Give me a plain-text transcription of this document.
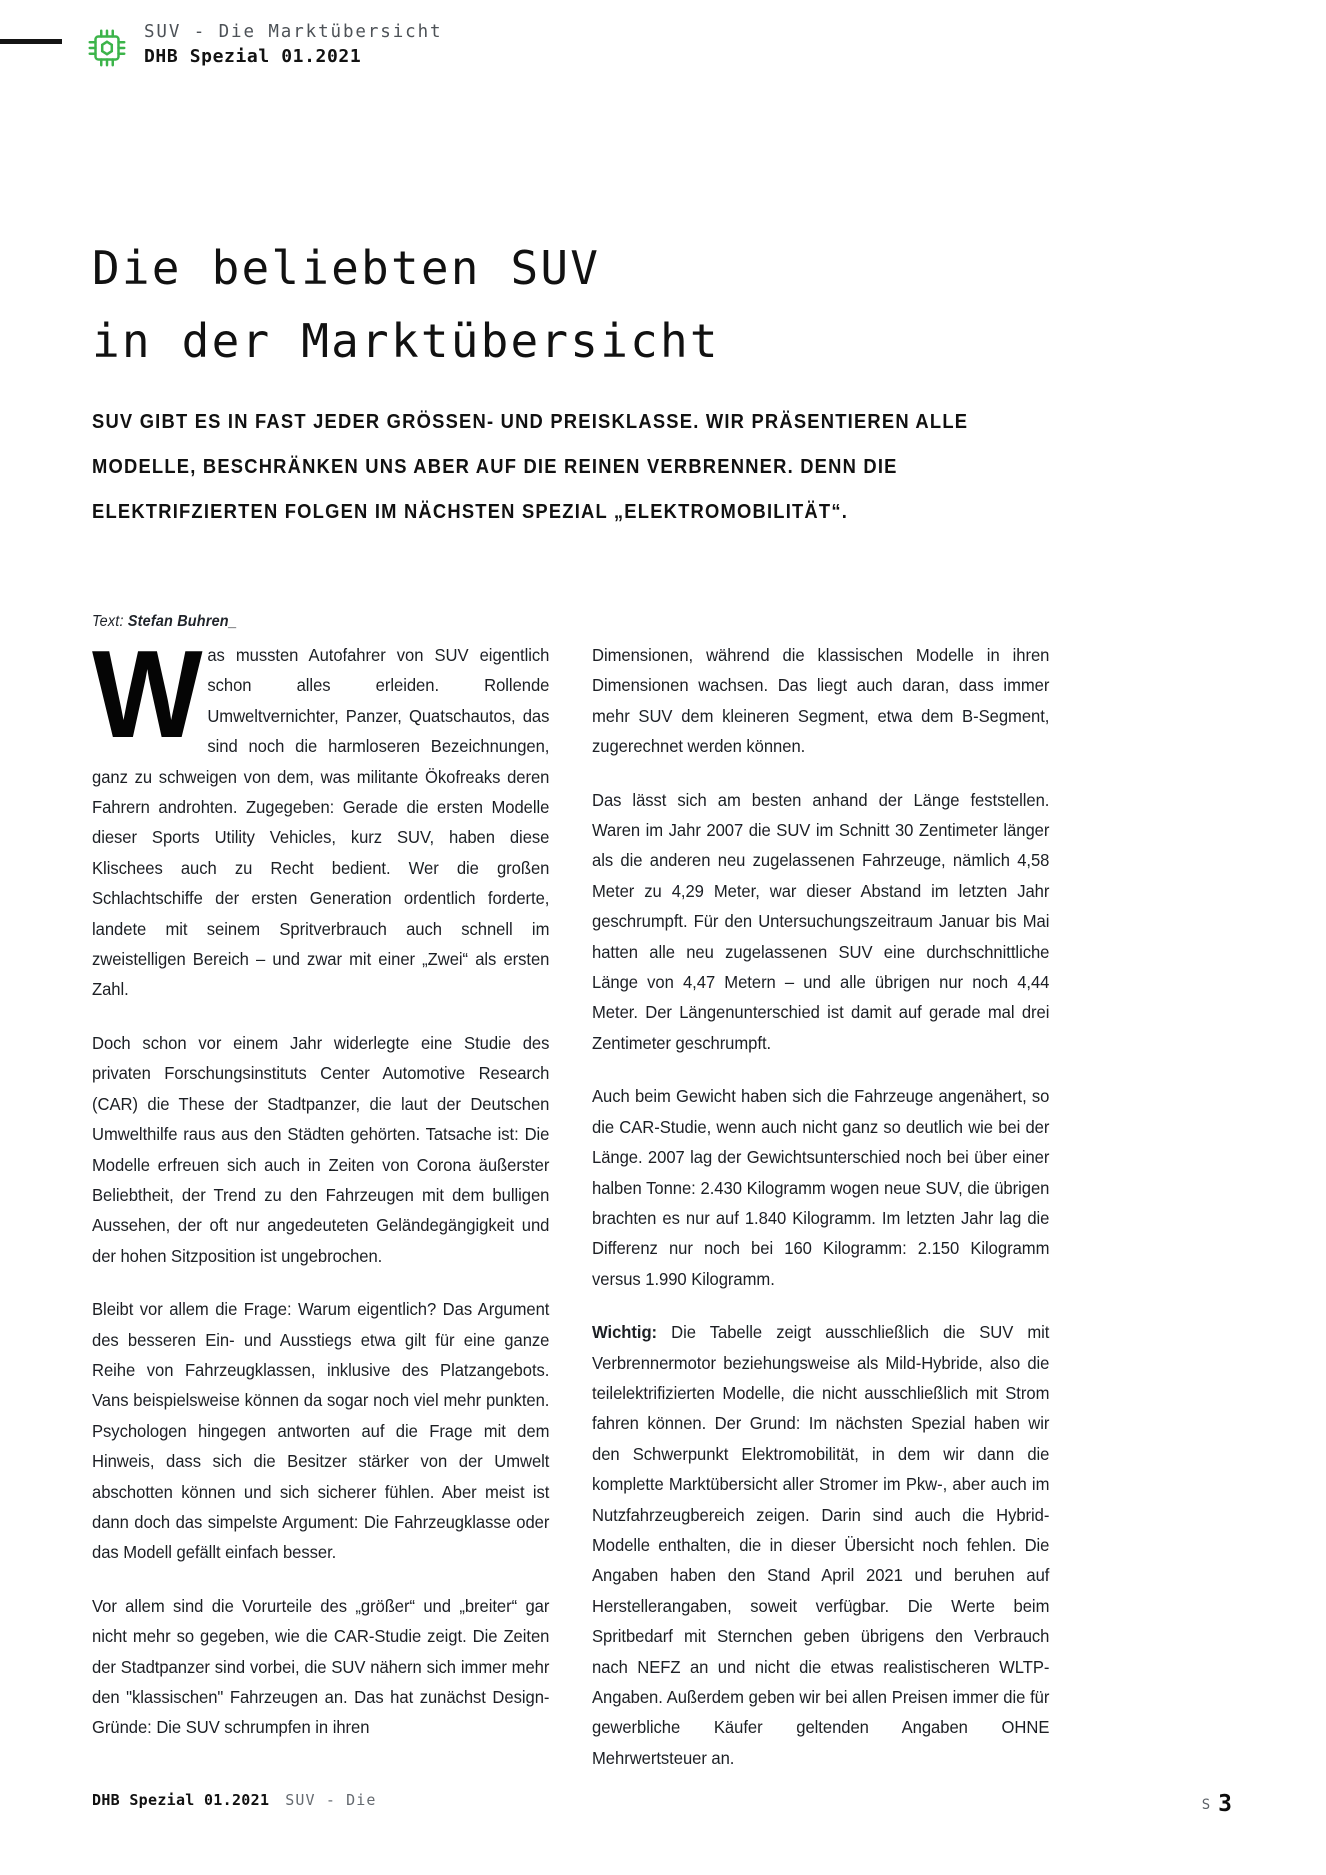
SUV - Die Marktübersicht
DHB Spezial 01.2021
Die beliebten SUV
in der Marktübersicht
SUV GIBT ES IN FAST JEDER GRÖSSEN- UND PREISKLASSE. WIR PRÄSENTIEREN ALLE
MODELLE, BESCHRÄNKEN UNS ABER AUF DIE REINEN VERBRENNER. DENN DIE
ELEKTRIFZIERTEN FOLGEN IM NÄCHSTEN SPEZIAL „ELEKTROMOBILITÄT“.
Text: Stefan Buhren_

Was mussten Autofahrer von SUV eigentlich schon alles erleiden. Rollende Umweltvernichter, Panzer, Quatschautos, das sind noch die harmloseren Bezeichnungen, ganz zu schweigen von dem, was militante Ökofreaks deren Fahrern androhten. Zugegeben: Gerade die ersten Modelle dieser Sports Utility Vehicles, kurz SUV, haben diese Klischees auch zu Recht bedient. Wer die großen Schlachtschiffe der ersten Generation ordentlich forderte, landete mit seinem Spritverbrauch auch schnell im zweistelligen Bereich – und zwar mit einer „Zwei“ als ersten Zahl.

Doch schon vor einem Jahr widerlegte eine Studie des privaten Forschungsinstituts Center Automotive Research (CAR) die These der Stadtpanzer, die laut der Deutschen Umwelthilfe raus aus den Städten gehörten. Tatsache ist: Die Modelle erfreuen sich auch in Zeiten von Corona äußerster Beliebtheit, der Trend zu den Fahrzeugen mit dem bulligen Aussehen, der oft nur angedeuteten Geländegängigkeit und der hohen Sitzposition ist ungebrochen.

Bleibt vor allem die Frage: Warum eigentlich? Das Argument des besseren Ein- und Ausstiegs etwa gilt für eine ganze Reihe von Fahrzeugklassen, inklusive des Platzangebots. Vans beispielsweise können da sogar noch viel mehr punkten. Psychologen hingegen antworten auf die Frage mit dem Hinweis, dass sich die Besitzer stärker von der Umwelt abschotten können und sich sicherer fühlen. Aber meist ist dann doch das simpelste Argument: Die Fahrzeugklasse oder das Modell gefällt einfach besser.

Vor allem sind die Vorurteile des „größer“ und „breiter“ gar nicht mehr so gegeben, wie die CAR-Studie zeigt. Die Zeiten der Stadtpanzer sind vorbei, die SUV nähern sich immer mehr den "klassischen" Fahrzeugen an. Das hat zunächst Design-Gründe: Die SUV schrumpfen in ihren

Dimensionen, während die klassischen Modelle in ihren Dimensionen wachsen. Das liegt auch daran, dass immer mehr SUV dem kleineren Segment, etwa dem B-Segment, zugerechnet werden können.

Das lässt sich am besten anhand der Länge feststellen. Waren im Jahr 2007 die SUV im Schnitt 30 Zentimeter länger als die anderen neu zugelassenen Fahrzeuge, nämlich 4,58 Meter zu 4,29 Meter, war dieser Abstand im letzten Jahr geschrumpft. Für den Untersuchungszeitraum Januar bis Mai hatten alle neu zugelassenen SUV eine durchschnittliche Länge von 4,47 Metern – und alle übrigen nur noch 4,44 Meter. Der Längenunterschied ist damit auf gerade mal drei Zentimeter geschrumpft.

Auch beim Gewicht haben sich die Fahrzeuge angenähert, so die CAR-Studie, wenn auch nicht ganz so deutlich wie bei der Länge. 2007 lag der Gewichtsunterschied noch bei über einer halben Tonne: 2.430 Kilogramm wogen neue SUV, die übrigen brachten es nur auf 1.840 Kilogramm. Im letzten Jahr lag die Differenz nur noch bei 160 Kilogramm: 2.150 Kilogramm versus 1.990 Kilogramm.

Wichtig: Die Tabelle zeigt ausschließlich die SUV mit Verbrennermotor beziehungsweise als Mild-Hybride, also die teilelektrifizierten Modelle, die nicht ausschließlich mit Strom fahren können. Der Grund: Im nächsten Spezial haben wir den Schwerpunkt Elektromobilität, in dem wir dann die komplette Marktübersicht aller Stromer im Pkw-, aber auch im Nutzfahrzeugbereich zeigen. Darin sind auch die Hybrid-Modelle enthalten, die in dieser Übersicht noch fehlen. Die Angaben haben den Stand April 2021 und beruhen auf Herstellerangaben, soweit verfügbar. Die Werte beim Spritbedarf mit Sternchen geben übrigens den Verbrauch nach NEFZ an und nicht die etwas realistischeren WLTP-Angaben. Außerdem geben wir bei allen Preisen immer die für gewerbliche Käufer geltenden Angaben OHNE Mehrwertsteuer an.

DHB Spezial 01.2021 SUV - Die	S 3
